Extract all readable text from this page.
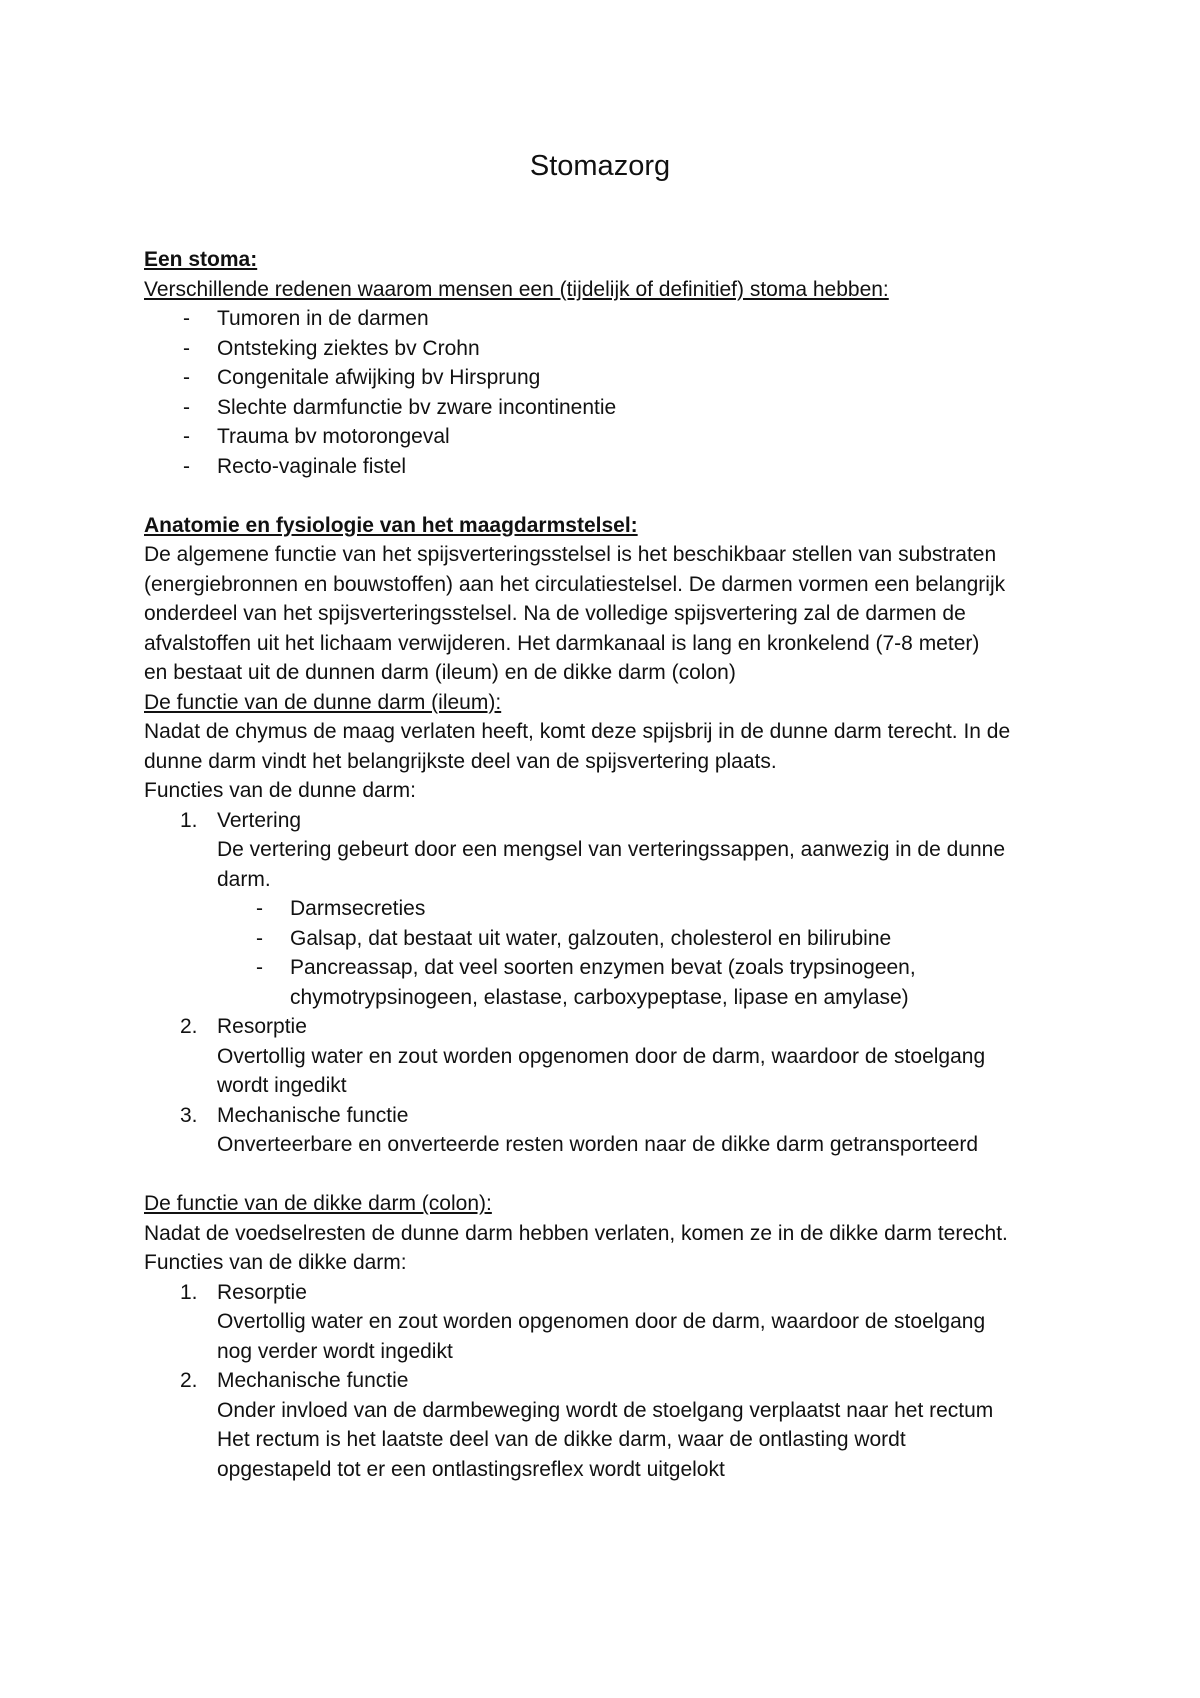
Stomazorg

Een stoma:

Verschillende redenen waarom mensen een (tijdelijk of definitief) stoma hebben:

- Tumoren in de darmen
- Ontsteking ziektes bv Crohn
- Congenitale afwijking bv Hirsprung
- Slechte darmfunctie bv zware incontinentie
- Trauma bv motorongeval
- Recto-vaginale fistel

Anatomie en fysiologie van het maagdarmstelsel:

De algemene functie van het spijsverteringsstelsel is het beschikbaar stellen van substraten
(energiebronnen en bouwstoffen) aan het circulatiestelsel. De darmen vormen een belangrijk
onderdeel van het spijsverteringsstelsel. Na de volledige spijsvertering zal de darmen de
afvalstoffen uit het lichaam verwijderen. Het darmkanaal is lang en kronkelend (7-8 meter)
en bestaat uit de dunnen darm (ileum) en de dikke darm (colon)

De functie van de dunne darm (ileum):

Nadat de chymus de maag verlaten heeft, komt deze spijsbrij in de dunne darm terecht. In de
dunne darm vindt het belangrijkste deel van de spijsvertering plaats.
Functies van de dunne darm:
1. Vertering
De vertering gebeurt door een mengsel van verteringssappen, aanwezig in de dunne
darm.
- Darmsecreties
- Galsap, dat bestaat uit water, galzouten, cholesterol en bilirubine
- Pancreassap, dat veel soorten enzymen bevat (zoals trypsinogeen,
chymotrypsinogeen, elastase, carboxypeptase, lipase en amylase)
2. Resorptie
Overtollig water en zout worden opgenomen door de darm, waardoor de stoelgang
wordt ingedikt
3. Mechanische functie
Onverteerbare en onverteerde resten worden naar de dikke darm getransporteerd

De functie van de dikke darm (colon):

Nadat de voedselresten de dunne darm hebben verlaten, komen ze in de dikke darm terecht.
Functies van de dikke darm:
1. Resorptie
Overtollig water en zout worden opgenomen door de darm, waardoor de stoelgang
nog verder wordt ingedikt
2. Mechanische functie
Onder invloed van de darmbeweging wordt de stoelgang verplaatst naar het rectum
Het rectum is het laatste deel van de dikke darm, waar de ontlasting wordt
opgestapeld tot er een ontlastingsreflex wordt uitgelokt
